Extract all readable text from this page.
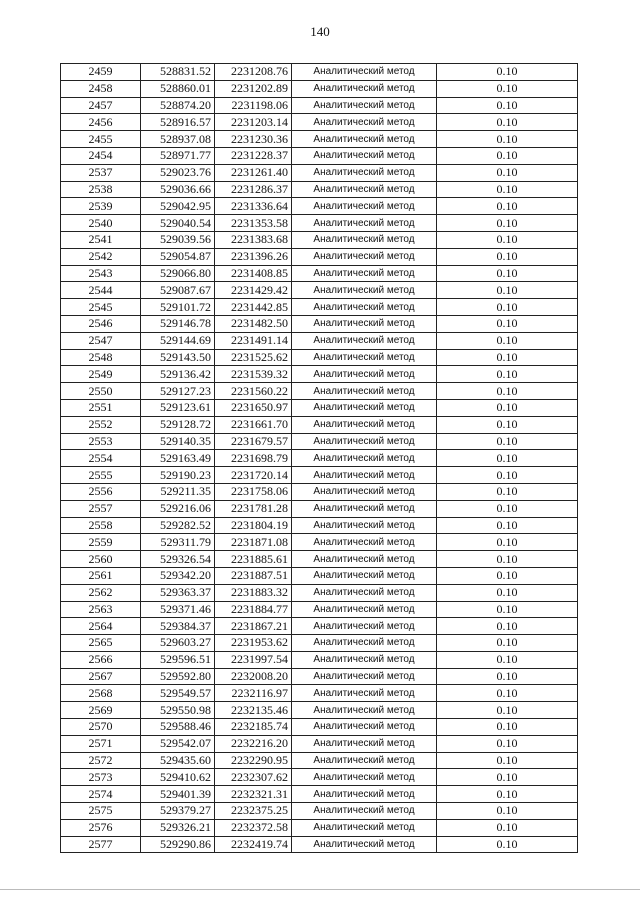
140
2459	528831.52	2231208.76	Аналитический метод	0.10
2458	528860.01	2231202.89	Аналитический метод	0.10
2457	528874.20	2231198.06	Аналитический метод	0.10
2456	528916.57	2231203.14	Аналитический метод	0.10
2455	528937.08	2231230.36	Аналитический метод	0.10
2454	528971.77	2231228.37	Аналитический метод	0.10
2537	529023.76	2231261.40	Аналитический метод	0.10
2538	529036.66	2231286.37	Аналитический метод	0.10
2539	529042.95	2231336.64	Аналитический метод	0.10
2540	529040.54	2231353.58	Аналитический метод	0.10
2541	529039.56	2231383.68	Аналитический метод	0.10
2542	529054.87	2231396.26	Аналитический метод	0.10
2543	529066.80	2231408.85	Аналитический метод	0.10
2544	529087.67	2231429.42	Аналитический метод	0.10
2545	529101.72	2231442.85	Аналитический метод	0.10
2546	529146.78	2231482.50	Аналитический метод	0.10
2547	529144.69	2231491.14	Аналитический метод	0.10
2548	529143.50	2231525.62	Аналитический метод	0.10
2549	529136.42	2231539.32	Аналитический метод	0.10
2550	529127.23	2231560.22	Аналитический метод	0.10
2551	529123.61	2231650.97	Аналитический метод	0.10
2552	529128.72	2231661.70	Аналитический метод	0.10
2553	529140.35	2231679.57	Аналитический метод	0.10
2554	529163.49	2231698.79	Аналитический метод	0.10
2555	529190.23	2231720.14	Аналитический метод	0.10
2556	529211.35	2231758.06	Аналитический метод	0.10
2557	529216.06	2231781.28	Аналитический метод	0.10
2558	529282.52	2231804.19	Аналитический метод	0.10
2559	529311.79	2231871.08	Аналитический метод	0.10
2560	529326.54	2231885.61	Аналитический метод	0.10
2561	529342.20	2231887.51	Аналитический метод	0.10
2562	529363.37	2231883.32	Аналитический метод	0.10
2563	529371.46	2231884.77	Аналитический метод	0.10
2564	529384.37	2231867.21	Аналитический метод	0.10
2565	529603.27	2231953.62	Аналитический метод	0.10
2566	529596.51	2231997.54	Аналитический метод	0.10
2567	529592.80	2232008.20	Аналитический метод	0.10
2568	529549.57	2232116.97	Аналитический метод	0.10
2569	529550.98	2232135.46	Аналитический метод	0.10
2570	529588.46	2232185.74	Аналитический метод	0.10
2571	529542.07	2232216.20	Аналитический метод	0.10
2572	529435.60	2232290.95	Аналитический метод	0.10
2573	529410.62	2232307.62	Аналитический метод	0.10
2574	529401.39	2232321.31	Аналитический метод	0.10
2575	529379.27	2232375.25	Аналитический метод	0.10
2576	529326.21	2232372.58	Аналитический метод	0.10
2577	529290.86	2232419.74	Аналитический метод	0.10
